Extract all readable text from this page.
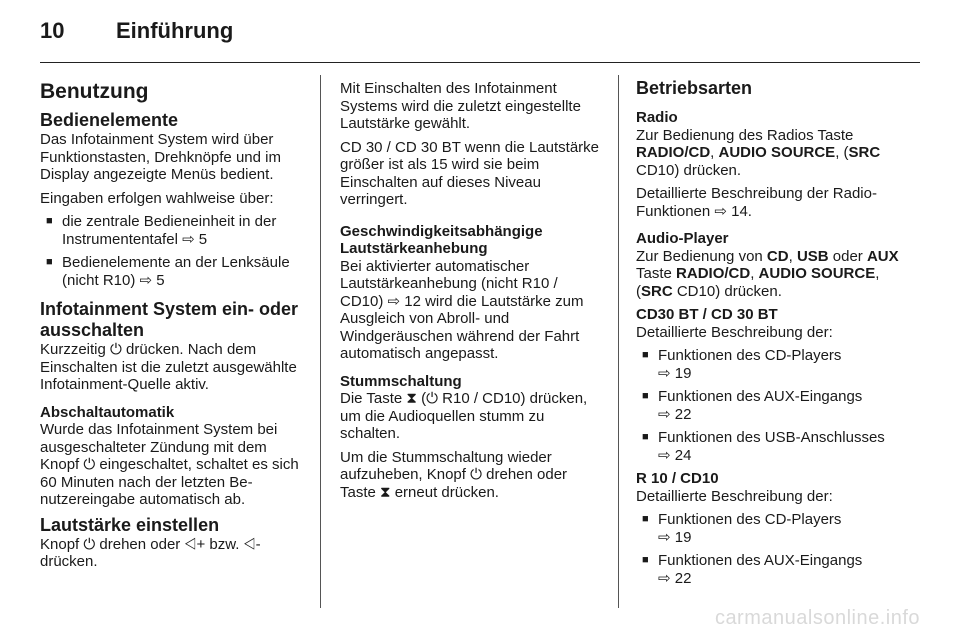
10 Einführung
Benutzung
Bedienelemente

Das Infotainment System wird über Funktionstasten, Drehknöpfe und im Display angezeigte Menüs bedient.

Eingaben erfolgen wahlweise über:

■ die zentrale Bedieneinheit in der Instrumententafel ⇨ 5
■ Bedienelemente an der Lenksäule (nicht R10) ⇨ 5
Infotainment System ein- oder ausschalten

Kurzzeitig ⏻ drücken. Nach dem Einschalten ist die zuletzt ausgewählte Infotainment-Quelle aktiv.

Abschaltautomatik

Wurde das Infotainment System bei ausgeschalteter Zündung mit dem Knopf ⏻ eingeschaltet, schaltet es sich 60 Minuten nach der letzten Be- nutzereingabe automatisch ab.

Lautstärke einstellen

Knopf ⏻ drehen oder ◁+ bzw. ◁- drücken.

Mit Einschalten des Infotainment Systems wird die zuletzt eingestellte Lautstärke gewählt.

CD 30 / CD 30 BT wenn die Lautstärke größer ist als 15 wird sie beim Einschalten auf dieses Niveau verringert.

Geschwindigkeitsabhängige Lautstärkeanhebung

Bei aktivierter automatischer Lautstärkeanhebung (nicht R10 / CD10) ⇨ 12 wird die Lautstärke zum Ausgleich von Abroll- und Windgeräuschen während der Fahrt automatisch angepasst.

Stummschaltung

Die Taste ⧗ (⏻ R10 / CD10) drücken, um die Audioquellen stumm zu schalten.

Um die Stummschaltung wieder aufzuheben, Knopf ⏻ drehen oder Taste ⧗ erneut drücken.

Betriebsarten
Radio

Zur Bedienung des Radios Taste RADIO/CD, AUDIO SOURCE, (SRC CD10) drücken.

Detaillierte Beschreibung der Radio-Funktionen ⇨ 14.

Audio-Player

Zur Bedienung von CD, USB oder AUX Taste RADIO/CD, AUDIO SOURCE, (SRC CD10) drücken.

CD30 BT / CD 30 BT

Detaillierte Beschreibung der:

■ Funktionen des CD-Players
⇨ 19
■ Funktionen des AUX-Eingangs
⇨ 22
■ Funktionen des USB-Anschlusses
⇨ 24
R 10 / CD10

Detaillierte Beschreibung der:

■ Funktionen des CD-Players
⇨ 19
■ Funktionen des AUX-Eingangs
⇨ 22
carmanualsonline.info
